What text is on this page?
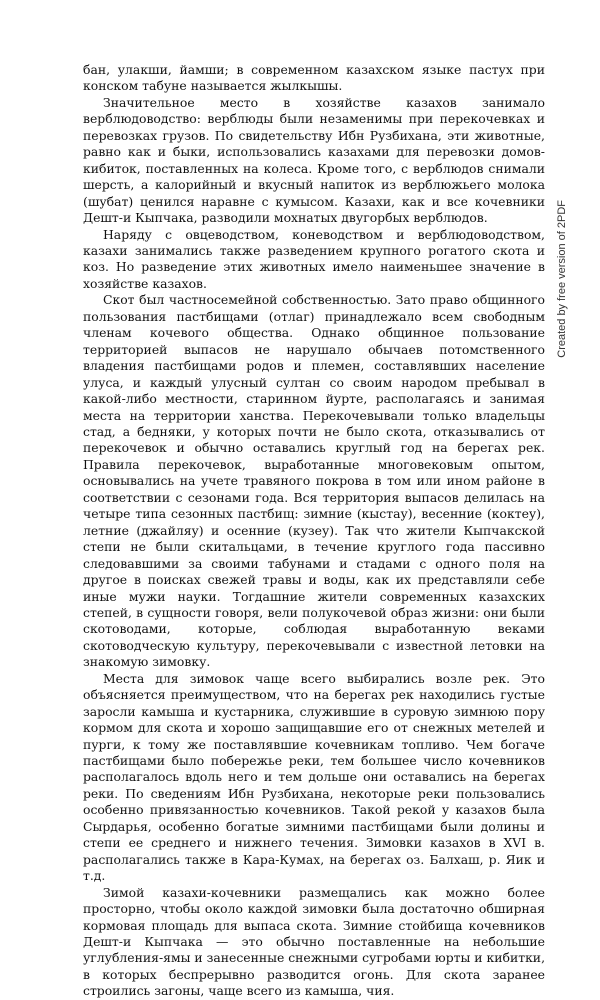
бан, улакши, йамши; в современном казахском языке пастух при конском табуне называется жылкышы.

Значительное место в хозяйстве казахов занимало верблюдоводство: верблюды были незаменимы при перекочевках и перевозках грузов. По свидетельству Ибн Рузбихана, эти животные, равно как и быки, использовались казахами для перевозки домов-кибиток, поставленных на колеса. Кроме того, с верблюдов снимали шерсть, а калорийный и вкусный напиток из верблюжьего молока (шубат) ценился наравне с кумысом. Казахи, как и все кочевники Дешт-и Кыпчака, разводили мохнатых двугорбых верблюдов.

Наряду с овцеводством, коневодством и верблюдоводством, казахи занимались также разведением крупного рогатого скота и коз. Но разведение этих животных имело наименьшее значение в хозяйстве казахов.

Скот был частносемейной собственностью. Зато право общинного пользования пастбищами (отлаг) принадлежало всем свободным членам кочевого общества. Однако общинное пользование территорией выпасов не нарушало обычаев потомственного владения пастбищами родов и племен, составлявших население улуса, и каждый улусный султан со своим народом пребывал в какой-либо местности, старинном йурте, располагаясь и занимая места на территории ханства. Перекочевывали только владельцы стад, а бедняки, у которых почти не было скота, отказывались от перекочевок и обычно оставались круглый год на берегах рек. Правила перекочевок, выработанные многовековым опытом, основывались на учете травяного покрова в том или ином районе в соответствии с сезонами года. Вся территория выпасов делилась на четыре типа сезонных пастбищ: зимние (кыстау), весенние (коктеу), летние (джайляу) и осенние (кузеу). Так что жители Кыпчакской степи не были скитальцами, в течение круглого года пассивно следовавшими за своими табунами и стадами с одного поля на другое в поисках свежей травы и воды, как их представляли себе иные мужи науки. Тогдашние жители современных казахских степей, в сущности говоря, вели полукочевой образ жизни: они были скотоводами, которые, соблюдая выработанную веками скотоводческую культуру, перекочевывали с известной летовки на знакомую зимовку.

Места для зимовок чаще всего выбирались возле рек. Это объясняется преимуществом, что на берегах рек находились густые заросли камыша и кустарника, служившие в суровую зимнюю пору кормом для скота и хорошо защищавшие его от снежных метелей и пурги, к тому же поставлявшие кочевникам топливо. Чем богаче пастбищами было побережье реки, тем большее число кочевников располагалось вдоль него и тем дольше они оставались на берегах реки. По сведениям Ибн Рузбихана, некоторые реки пользовались особенно привязанностью кочевников. Такой рекой у казахов была Сырдарья, особенно богатые зимними пастбищами были долины и степи ее среднего и нижнего течения. Зимовки казахов в XVI в. располагались также в Кара-Кумах, на берегах оз. Балхаш, р. Яик и т.д.

Зимой казахи-кочевники размещались как можно более просторно, чтобы около каждой зимовки была достаточно обширная кормовая площадь для выпаса скота. Зимние стойбища кочевников Дешт-и Кыпчака — это обычно поставленные на небольшие углубления-ямы и занесенные снежными сугробами юрты и кибитки, в которых беспрерывно разводится огонь. Для скота заранее строились загоны, чаще всего из камыша, чия.

Created by free version of 2PDF
